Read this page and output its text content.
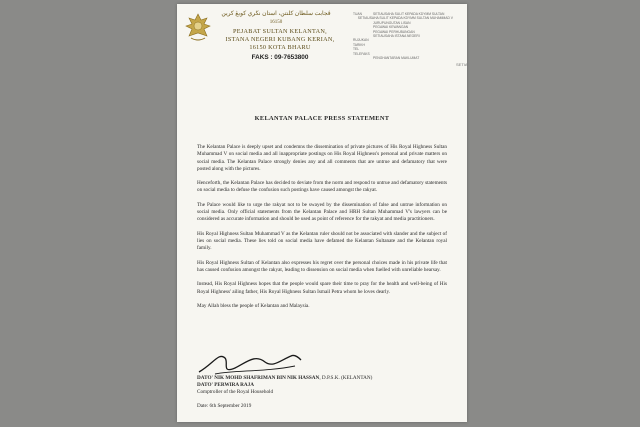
ڤجابت سلطان كلنتن، استان نڬري كوبڠ كرين
16150
PEJABAT SULTAN KELANTAN,
ISTANA NEGERI KUBANG KERIAN,
16150 KOTA BHARU
FAKS : 09-7653800
TUAN	SETIAUSAHA SULIT KEPADA KDYMM SULTAN
SETIAUSAHA SULIT KEPADA KDYMM SULTAN MUHAMMAD V
JURUPUNGUTAN LISAN
PEGAWAI KEWANGAN
PEGAWAI PERHUBUNGAN
SETIAUSAHA ISTANA NEGERI
RUJUKAN
TARIKH
TEL
TELEFAKS
PENGHANTARAN MAKLUMAT
SETIA
KELANTAN PALACE PRESS STATEMENT

The Kelantan Palace is deeply upset and condemns the dissemination of private pictures of His Royal Highness Sultan Muhammad V on social media and all inappropriate postings on His Royal Highness's personal and private matters on social media. The Kelantan Palace strongly denies any and all comments that are untrue and defamatory that were posted along with the pictures.

Henceforth, the Kelantan Palace has decided to deviate from the norm and respond to untrue and defamatory statements on social media to defuse the confusion such postings have caused amongst the rakyat.

The Palace would like to urge the rakyat not to be swayed by the dissemination of false and untrue information on social media. Only official statements from the Kelantan Palace and HRH Sultan Muhammad V's lawyers can be considered as accurate information and should be used as point of reference for the rakyat and media practitioners.

His Royal Highness Sultan Muhammad V as the Kelantan ruler should not be associated with slander and the subject of lies on social media. These lies told on social media have defamed the Kelantan Sultanate and the Kelantan royal family.

His Royal Highness Sultan of Kelantan also expresses his regret over the personal choices made in his private life that has caused confusion amongst the rakyat, leading to dissension on social media when fuelled with unreliable hearsay.

Instead, His Royal Highness hopes that the people would spare their time to pray for the health and well-being of His Royal Highness' ailing father, His Royal Highness Sultan Ismail Petra whom he loves dearly.

May Allah bless the people of Kelantan and Malaysia.

DATO' NIK MOHD SHAFRIMAN BIN NIK HASSAN, D.P.S.K. (KELANTAN)
DATO' PERWIRA RAJA
Comptroller of the Royal Household
Date: 6th September 2019
